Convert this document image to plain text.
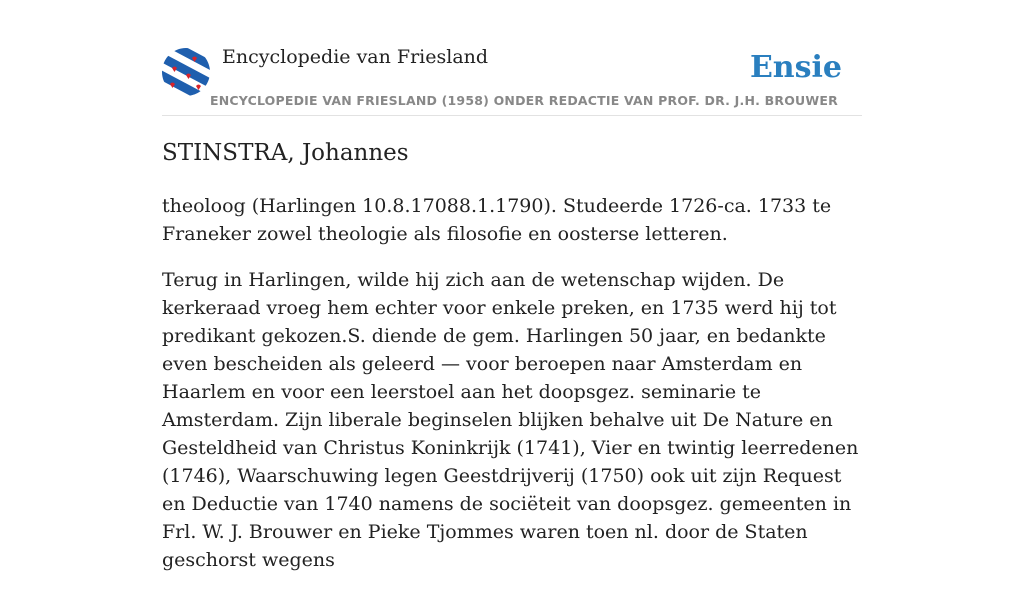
Encyclopedie van Friesland	Ensie
ENCYCLOPEDIE VAN FRIESLAND (1958) ONDER REDACTIE VAN PROF. DR. J.H. BROUWER
STINSTRA, Johannes

theoloog (Harlingen 10.8.17088.1.1790). Studeerde 1726-ca. 1733 te Franeker zowel theologie als filosofie en oosterse letteren.

Terug in Harlingen, wilde hij zich aan de wetenschap wijden. De kerkeraad vroeg hem echter voor enkele preken, en 1735 werd hij tot predikant gekozen.S. diende de gem. Harlingen 50 jaar, en bedankte even bescheiden als geleerd — voor beroepen naar Amsterdam en Haarlem en voor een leerstoel aan het doopsgez. seminarie te Amsterdam. Zijn liberale beginselen blijken behalve uit De Nature en Gesteldheid van Christus Koninkrijk (1741), Vier en twintig leerredenen (1746), Waarschuwing legen Geestdrijverij (1750) ook uit zijn Request en Deductie van 1740 namens de sociëteit van doopsgez. gemeenten in Frl. W. J. Brouwer en Pieke Tjommes waren toen nl. door de Staten geschorst wegens
